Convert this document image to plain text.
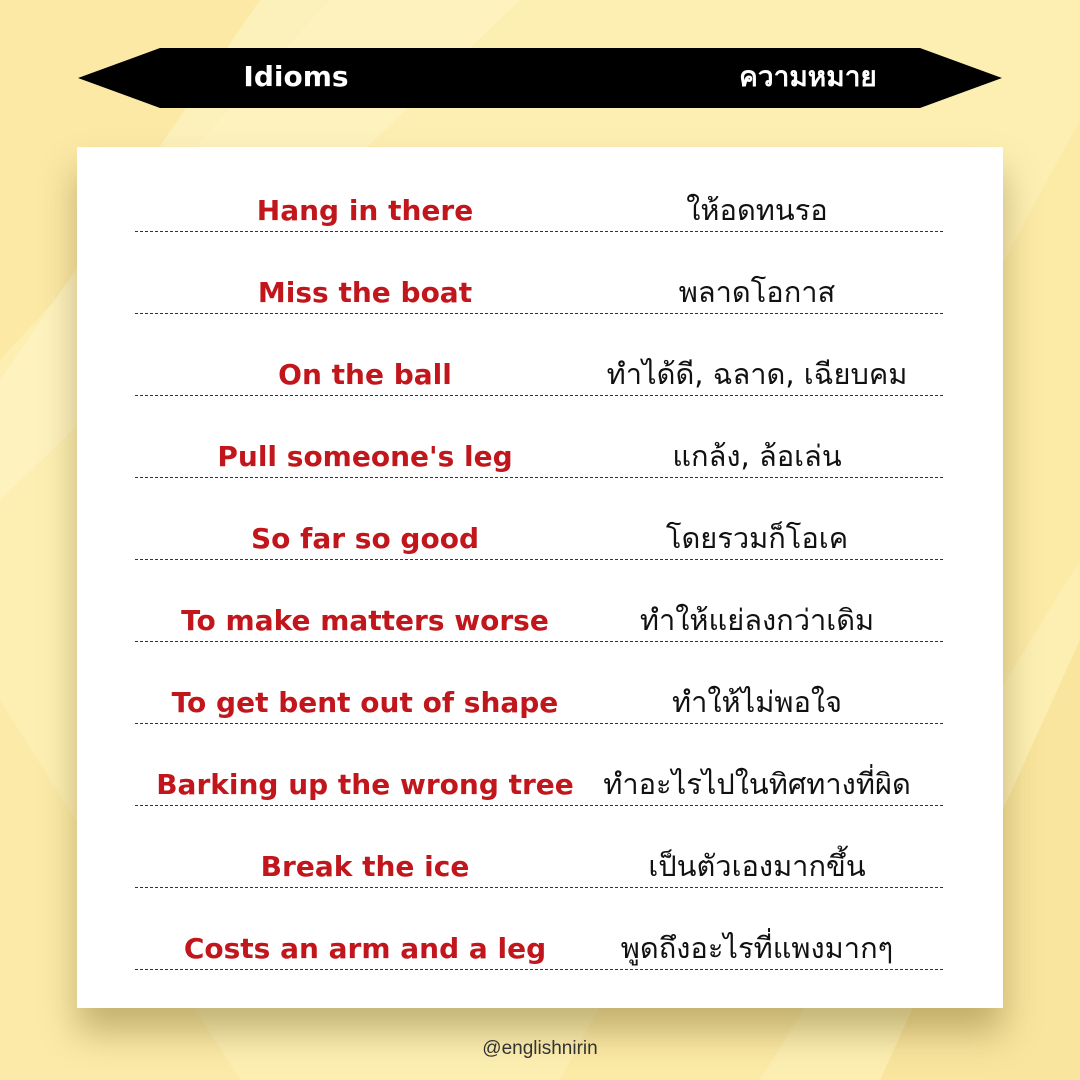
Idioms	ความหมาย
Hang in there	ให้อดทนรอ
Miss the boat	พลาดโอกาส
On the ball	ทำได้ดี, ฉลาด, เฉียบคม
Pull someone's leg	แกล้ง, ล้อเล่น
So far so good	โดยรวมก็โอเค
To make matters worse	ทำให้แย่ลงกว่าเดิม
To get bent out of shape	ทำให้ไม่พอใจ
Barking up the wrong tree	ทำอะไรไปในทิศทางที่ผิด
Break the ice	เป็นตัวเองมากขึ้น
Costs an arm and a leg	พูดถึงอะไรที่แพงมากๆ
@englishnirin
